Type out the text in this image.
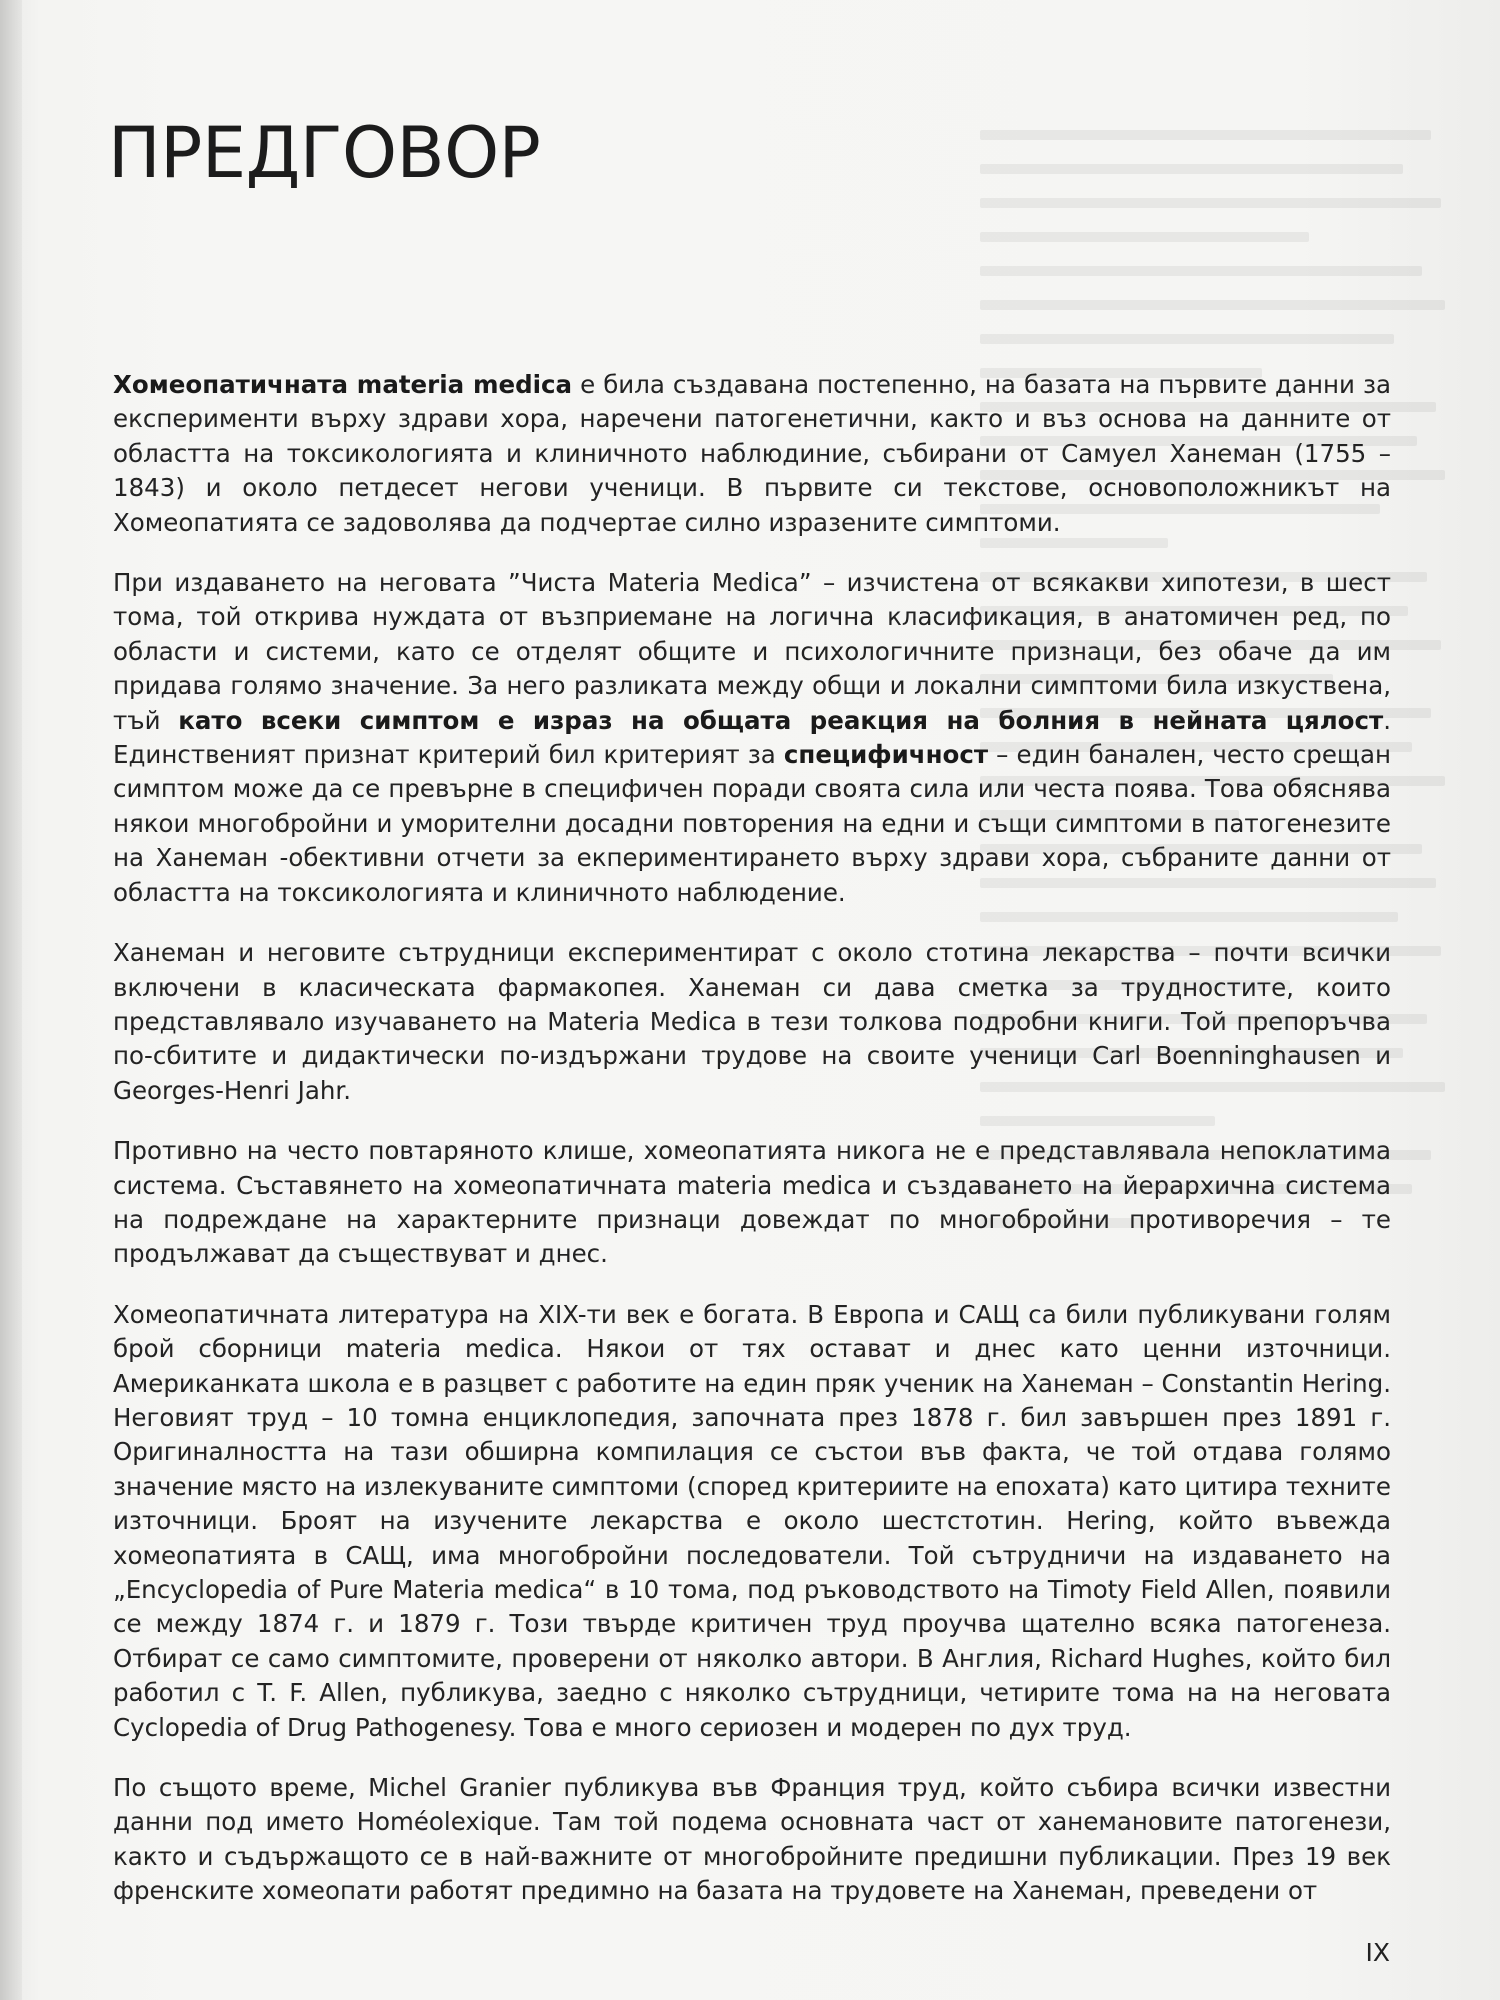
ПРЕДГОВОР

Хомеопатичната materia medica е била създавана постепенно, на базата на първите данни за експерименти върху здрави хора, наречени патогенетични, както и въз основа на данните от областта на токсикологията и клиничното наблюдиние, събирани от Самуел Ханеман (1755 – 1843) и около петдесет негови ученици. В първите си текстове, основоположникът на Хомеопатията се задоволява да подчертае силно изразените симптоми.

При издаването на неговата ”Чиста Materia Medica” – изчистена от всякакви хипотези, в шест тома, той открива нуждата от възприемане на логична класификация, в анатомичен ред, по области и системи, като се отделят общите и психологичните признаци, без обаче да им придава голямо значение. За него разликата между общи и локални симптоми била изкуствена, тъй като всеки симптом е израз на общата реакция на болния в нейната цялост. Единственият признат критерий бил критерият за специфичност – един банален, често срещан симптом може да се превърне в специфичен поради своята сила или честа поява. Това обяснява някои многобройни и уморителни досадни повторения на едни и същи симптоми в патогенезите на Ханеман -обективни отчети за екпериментирането върху здрави хора, събраните данни от областта на токсикологията и клиничното наблюдение.

Ханеман и неговите сътрудници експериментират с около стотина лекарства – почти всички включени в класическата фармакопея. Ханеман си дава сметка за трудностите, които представлявало изучаването на Materia Medica в тези толкова подробни книги. Той препоръчва по-сбитите и дидактически по-издържани трудове на своите ученици Carl Boenninghausen и Georges-Henri Jahr.

Противно на често повтаряното клише, хомеопатията никога не е представлявала непоклатима система. Съставянето на хомеопатичната materia medica и създаването на йерархична система на подреждане на характерните признаци довеждат по многобройни противоречия – те продължават да съществуват и днес.

Хомеопатичната литература на XIX-ти век е богата. В Европа и САЩ са били публикувани голям брой сборници materia medica. Някои от тях остават и днес като ценни източници. Американката школа е в разцвет с работите на един пряк ученик на Ханеман – Constantin Hering. Неговият труд – 10 томна енциклопедия, започната през 1878 г. бил завършен през 1891 г. Оригиналността на тази обширна компилация се състои във факта, че той отдава голямо значение място на излекуваните симптоми (според критериите на епохата) като цитира техните източници. Броят на изучените лекарства е около шестстотин. Hering, който въвежда хомеопатията в САЩ, има многобройни последователи. Той сътрудничи на издаването на „Encyclopedia of Pure Materia medica“ в 10 тома, под ръководството на Timoty Field Allen, появили се между 1874 г. и 1879 г. Този твърде критичен труд проучва щателно всяка патогенеза. Отбират се само симптомите, проверени от няколко автори. В Англия, Richard Hughes, който бил работил с T. F. Allen, публикува, заедно с няколко сътрудници, четирите тома на на неговата Cyclopedia of Drug Pathogenesy. Това е много сериозен и модерен по дух труд.

По същото време, Michel Granier публикува във Франция труд, който събира всички известни данни под името Homéolexique. Там той подема основната част от ханемановите патогенези, както и съдържащото се в най-важните от многобройните предишни публикации. През 19 век френските хомеопати работят предимно на базата на трудовете на Ханеман, преведени от

IX
